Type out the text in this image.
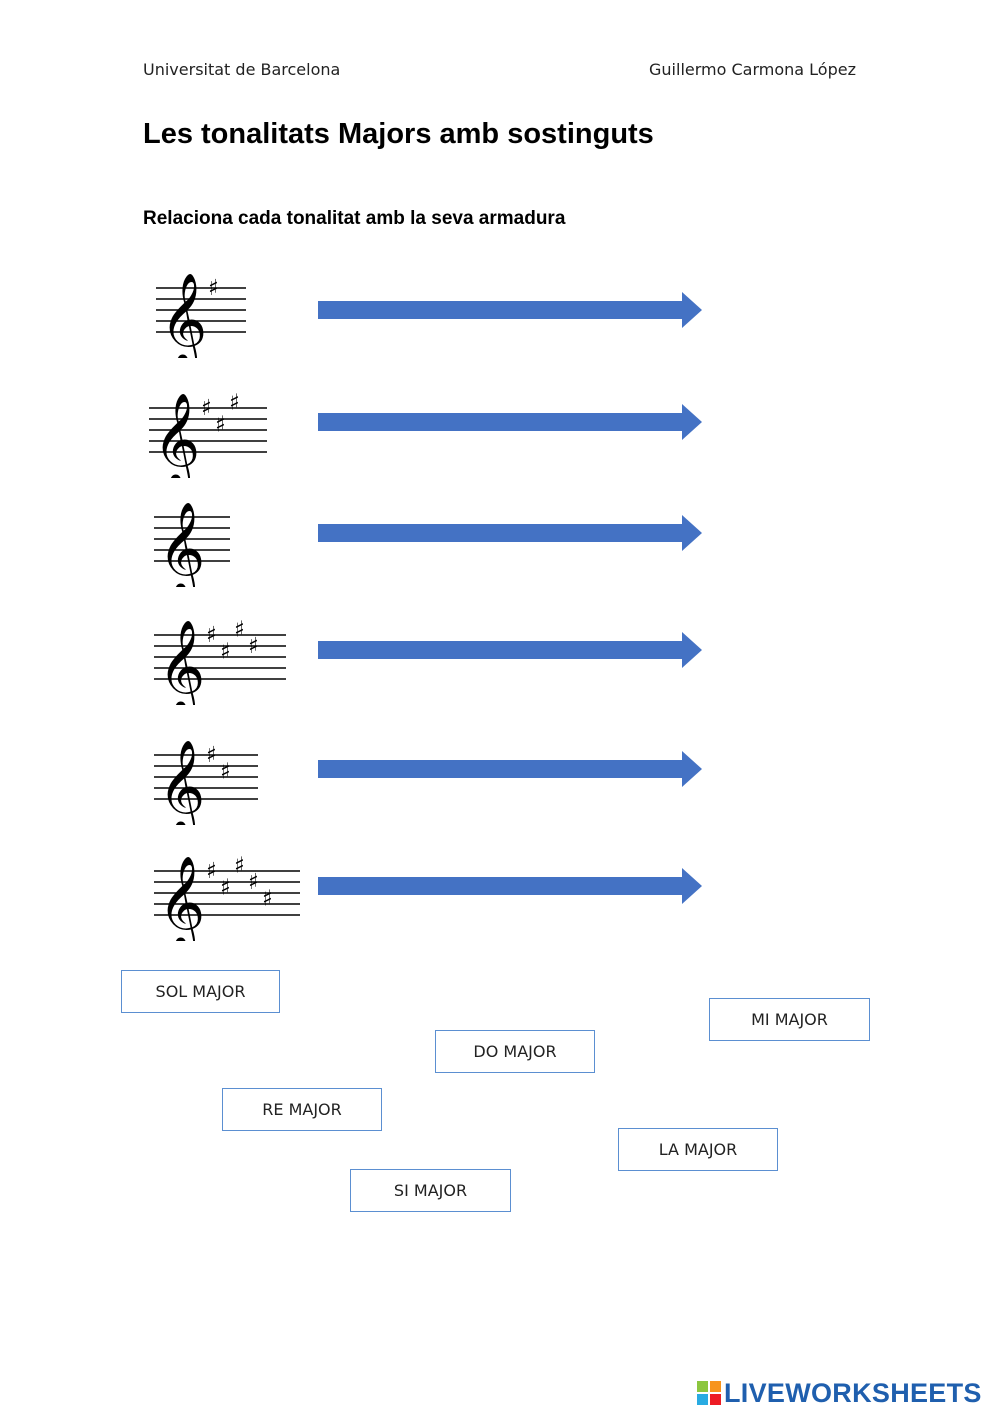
Universitat de Barcelona	Guillermo Carmona López
Les tonalitats Majors amb sostinguts
Relaciona cada tonalitat amb la seva armadura
𝄞 ♯
𝄞 ♯
♯
♯
𝄞
𝄞 ♯
♯
♯
♯
𝄞 ♯
♯
𝄞 ♯
♯
♯
♯
♯
SOL MAJOR
MI MAJOR
DO MAJOR
RE MAJOR
LA MAJOR
SI MAJOR
LIVEWORKSHEETS
